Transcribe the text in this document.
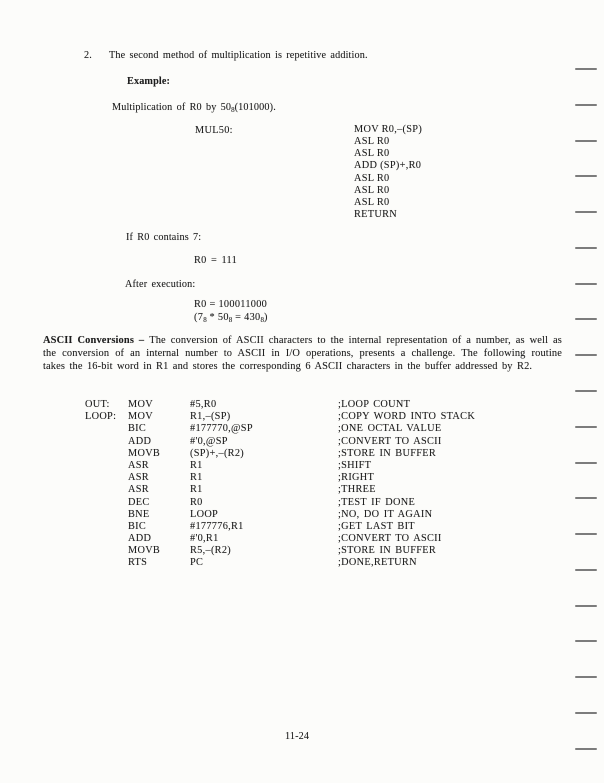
2. The second method of multiplication is repetitive addition.
Example:
Multiplication of R0 by $50_8(101000)$.
MUL50:	MOV R0,–(SP)
ASL R0
ASL R0
ADD (SP)+,R0
ASL R0
ASL R0
ASL R0
RETURN
If R0 contains 7:
R0 = 111
After execution:
R0 = 100011000
$(7_8 * 50_8 = 430_8)$

ASCII Conversions – The conversion of ASCII characters to the internal representation of a number, as well as the conversion of an internal number to ASCII in I/O operations, presents a challenge. The following routine takes the 16-bit word in R1 and stores the corresponding 6 ASCII characters in the buffer addressed by R2.

OUT:	MOV	#5,R0	;LOOP COUNT
LOOP:	MOV	R1,–(SP)	;COPY WORD INTO STACK
BIC	#177770,@SP	;ONE OCTAL VALUE
ADD	#'0,@SP	;CONVERT TO ASCII
MOVB	(SP)+,–(R2)	;STORE IN BUFFER
ASR	R1	;SHIFT
ASR	R1	;RIGHT
ASR	R1	;THREE
DEC	R0	;TEST IF DONE
BNE	LOOP	;NO, DO IT AGAIN
BIC	#177776,R1	;GET LAST BIT
ADD	#'0,R1	;CONVERT TO ASCII
MOVB	R5,–(R2)	;STORE IN BUFFER
RTS	PC	;DONE,RETURN
11-24
